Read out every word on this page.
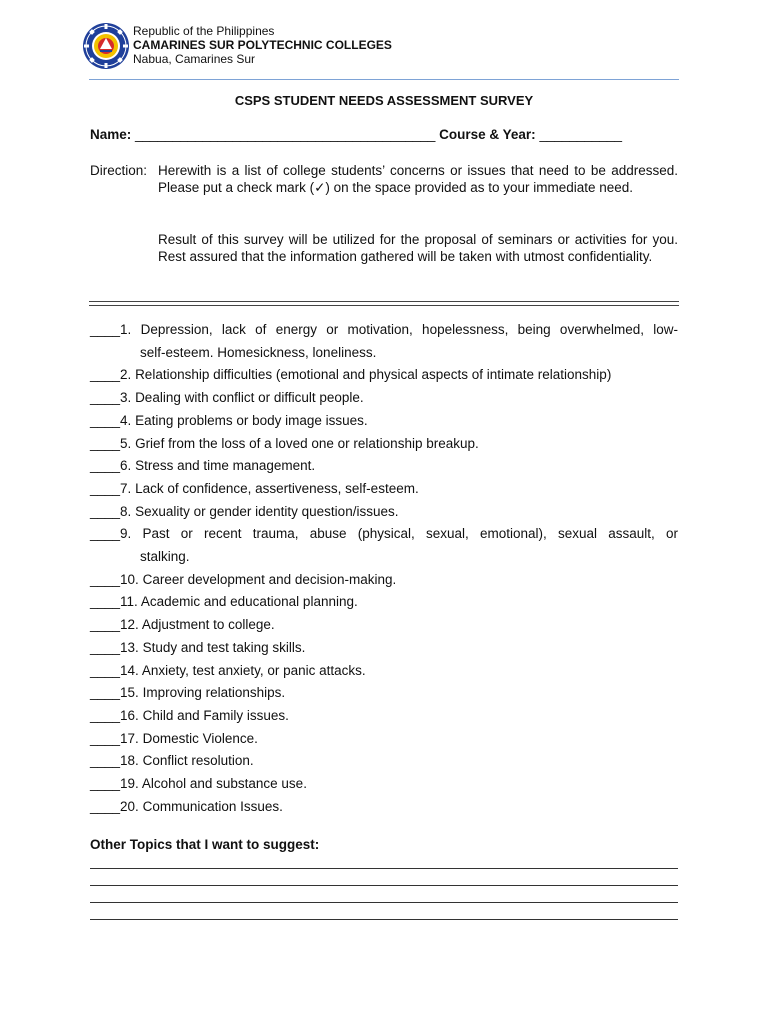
Republic of the Philippines
CAMARINES SUR POLYTECHNIC COLLEGES
Nabua, Camarines Sur
CSPS STUDENT NEEDS ASSESSMENT SURVEY
Name: ________________________________________ Course & Year: ___________
Direction: Herewith is a list of college students’ concerns or issues that need to be addressed. Please put a check mark (✓) on the space provided as to your immediate need.
Result of this survey will be utilized for the proposal of seminars or activities for you. Rest assured that the information gathered will be taken with utmost confidentiality.
____1. Depression, lack of energy or motivation, hopelessness, being overwhelmed, low-
self-esteem. Homesickness, loneliness.
____2. Relationship difficulties (emotional and physical aspects of intimate relationship)
____3. Dealing with conflict or difficult people.
____4. Eating problems or body image issues.
____5. Grief from the loss of a loved one or relationship breakup.
____6. Stress and time management.
____7. Lack of confidence, assertiveness, self-esteem.
____8. Sexuality or gender identity question/issues.
____9. Past or recent trauma, abuse (physical, sexual, emotional), sexual assault, or
stalking.
____10. Career development and decision-making.
____11. Academic and educational planning.
____12. Adjustment to college.
____13. Study and test taking skills.
____14. Anxiety, test anxiety, or panic attacks.
____15. Improving relationships.
____16. Child and Family issues.
____17. Domestic Violence.
____18. Conflict resolution.
____19. Alcohol and substance use.
____20. Communication Issues.
Other Topics that I want to suggest:
